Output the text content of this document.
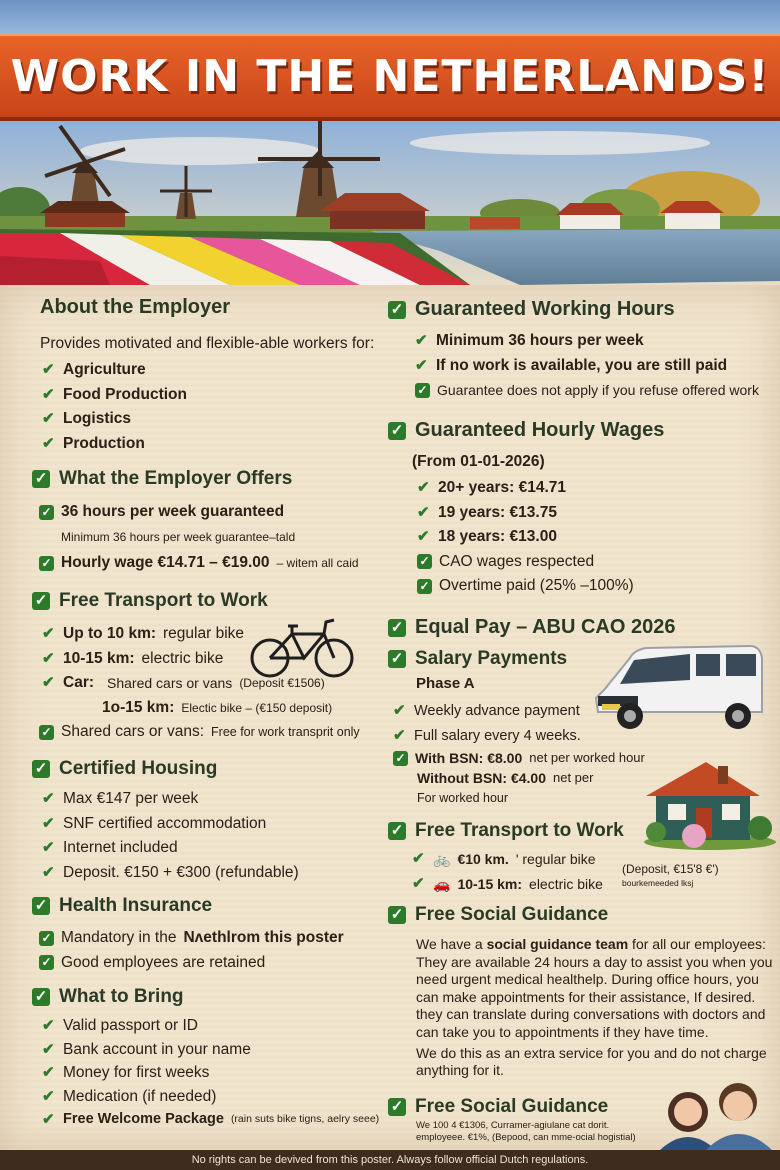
WORK IN THE NETHERLANDS!
About the Employer
Provides motivated and flexible-able workers for:
✔ Agriculture
✔ Food Production
✔ Logistics
✔ Production
✓ What the Employer Offers
✓ 36 hours per week guaranteed
Minimum 36 hours per week guarantee–tald
✓ Hourly wage €14.71 – €19.00 – witem all caid
✓ Free Transport to Work
✔ Up to 10 km: regular bike
✔ 10-15 km: electric bike
✔ Car: Shared cars or vans (Deposit €1506)
1o-15 km: Electic bike – (€150 deposit)
✓ Shared cars or vans: Free for work transprit only
✓ Certified Housing
✔ Max €147 per week
✔ SNF certified accommodation
✔ Internet included
✔ Deposit. €150 + €300 (refundable)
✓ Health Insurance
✓ Mandatory in the Nʌethlrom this poster
✓ Good employees are retained
✓ What to Bring
✔ Valid passport or ID
✔ Bank account in your name
✔ Money for first weeks
✔ Medication (if needed)
✔ Free Welcome Package (rain suts bike tigns, aelry seee)
✓ Guaranteed Working Hours
✔ Minimum 36 hours per week
✔ If no work is available, you are still paid
✓ Guarantee does not apply if you refuse offered work
✓ Guaranteed Hourly Wages
(From 01-01-2026)
✔ 20+ years: €14.71
✔ 19 years: €13.75
✔ 18 years: €13.00
✓ CAO wages respected
✓ Overtime paid (25% –100%)
✓ Equal Pay – ABU CAO 2026
✓ Salary Payments
Phase A
✔ Weekly advance payment
✔ Full salary every 4 weeks.
✓ With BSN: €8.00 net per worked hour
Without BSN: €4.00 net per
For worked hour
✓ Free Transport to Work
✔ 🚲 €10 km. ' regular bike
✔ 🚗 10-15 km: electric bike
(Deposit, €15'8 €')
bourkemeeded lksj
✓ Free Social Guidance
We have a social guidance team for all our employees: They are available 24 hours a day to assist you when you need urgent medical healthelp. During office hours, you can make appointments for their assistance, If desired.
they can translate during conversations with doctors and can take you to appointments if they have time.
We do this as an extra service for you and do not charge anything for it.
✓ Free Social Guidance
We 100 4 €1306, Curramer-agiulane cat dorit.
employeee. €1%, (Bepood, can mme-ocial hogistial)
No rights can be devived from this poster. Always follow official Dutch regulations.
